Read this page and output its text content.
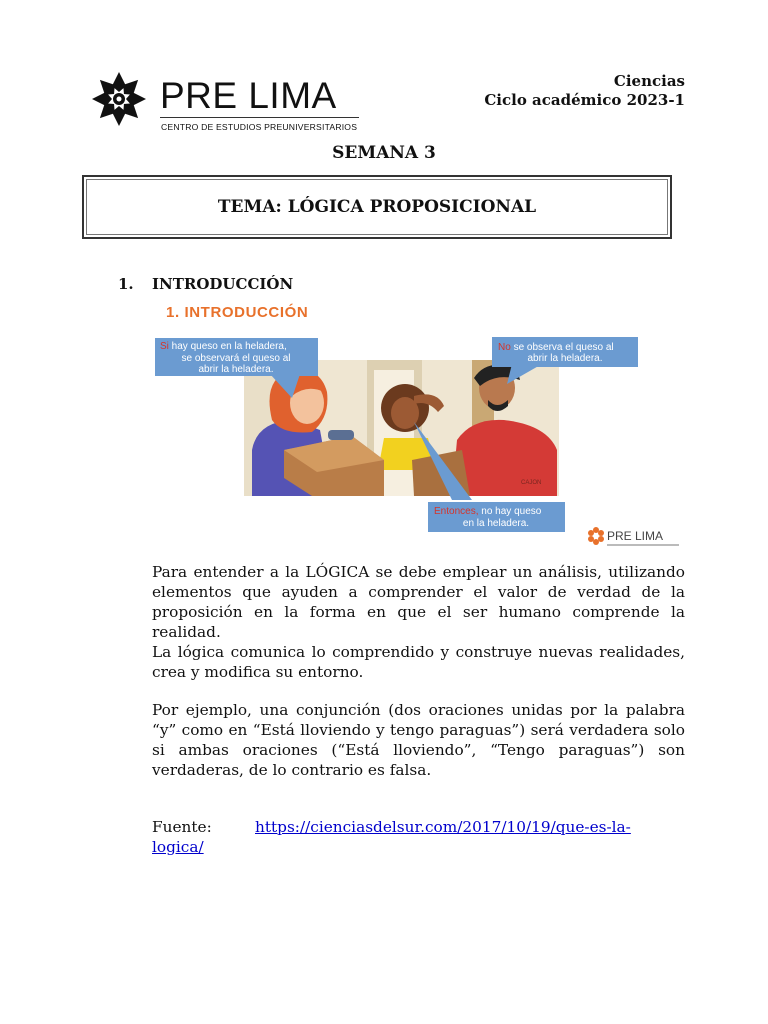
PRE LIMA
CENTRO DE ESTUDIOS PREUNIVERSITARIOS
Ciencias
Ciclo académico 2023-1
SEMANA 3
TEMA: LÓGICA PROPOSICIONAL
1. INTRODUCCIÓN
1. INTRODUCCIÓN
CAJON
Si hay queso en la heladera,
se observará el queso al
abrir la heladera.
No se observa el queso al
abrir la heladera.
Entonces, no hay queso
en la heladera.
PRE LIMA
Para entender a la LÓGICA se debe emplear un análisis, utilizando elementos que ayuden a comprender el valor de verdad de la proposición en la forma en que el ser humano comprende la realidad.
La lógica comunica lo comprendido y construye nuevas realidades, crea y modifica su entorno.
Por ejemplo, una conjunción (dos oraciones unidas por la palabra “y” como en “Está lloviendo y tengo paraguas”) será verdadera solo si ambas oraciones (“Está lloviendo”, “Tengo paraguas”) son verdaderas, de lo contrario es falsa.
Fuente:	https://cienciasdelsur.com/2017/10/19/que-es-la-
logica/
